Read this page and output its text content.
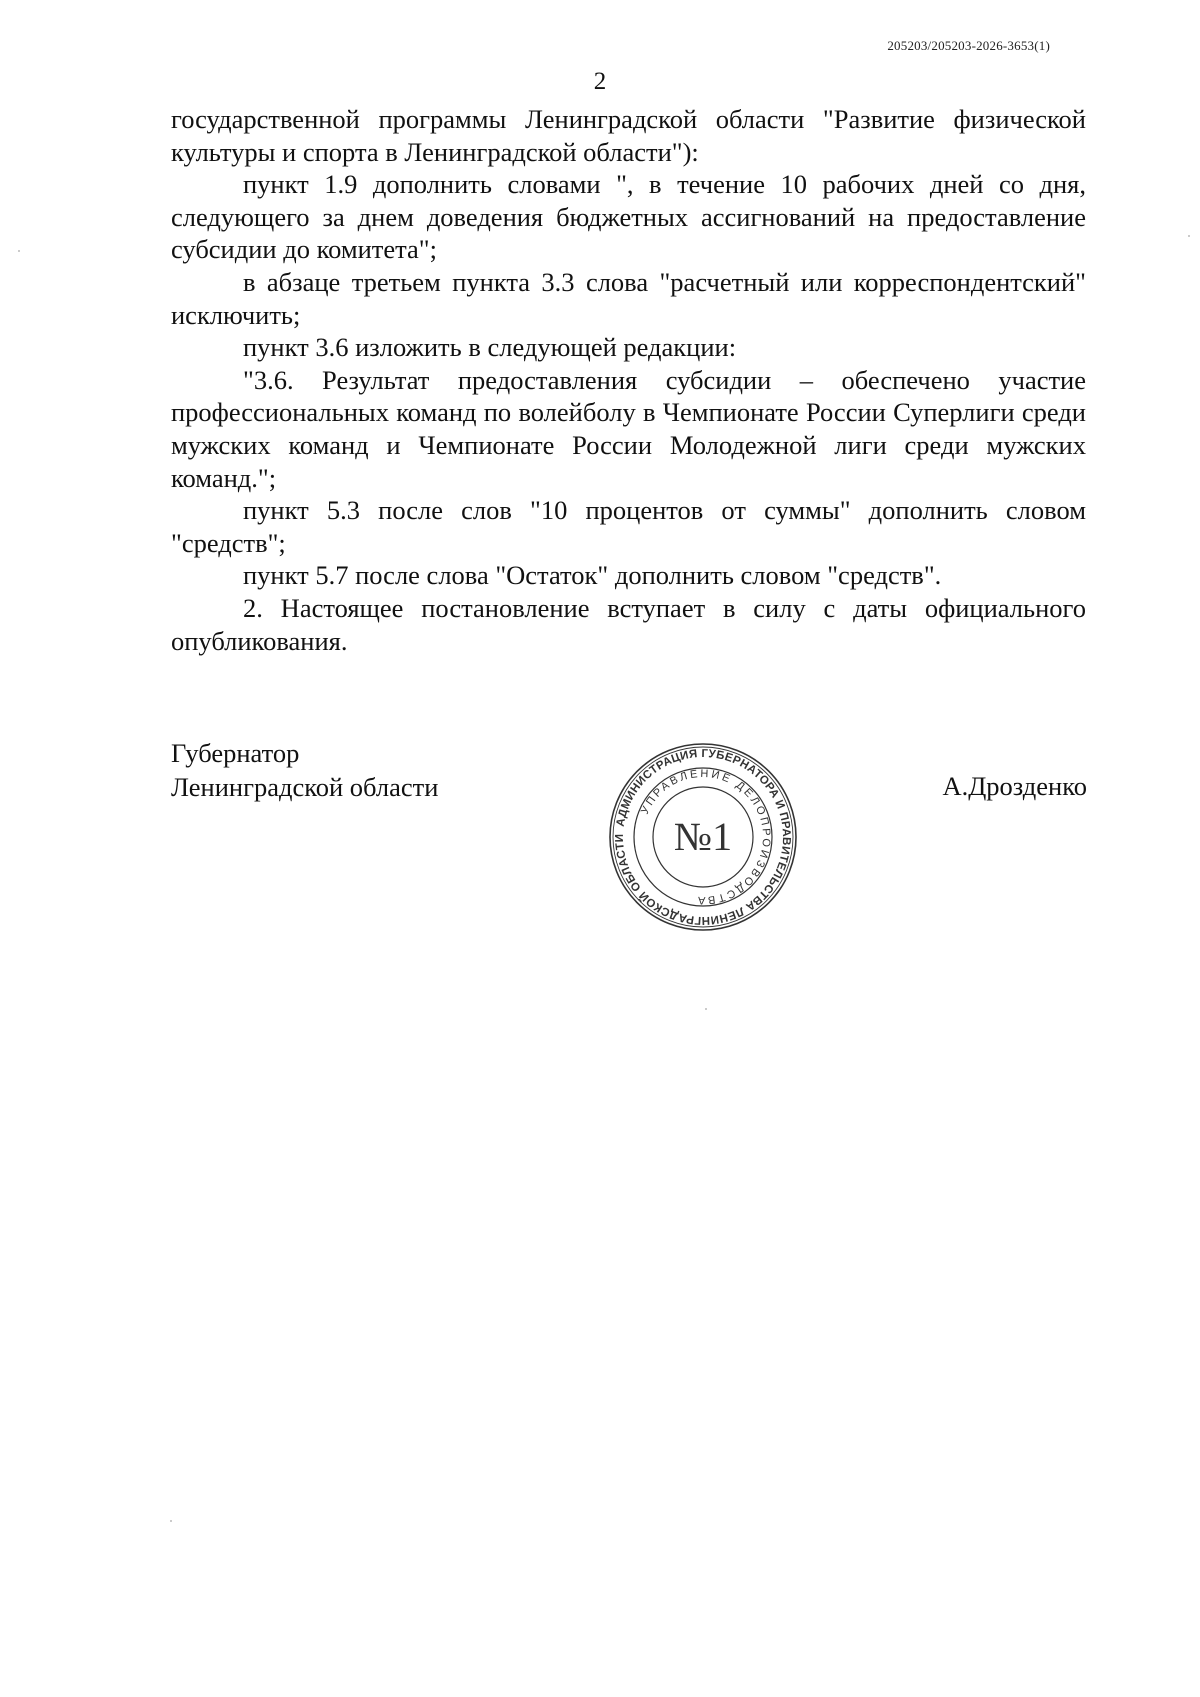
205203/205203-2026-3653(1)
2

государственной программы Ленинградской области "Развитие физической культуры и спорта в Ленинградской области"):

пункт 1.9 дополнить словами ", в течение 10 рабочих дней со дня, следующего за днем доведения бюджетных ассигнований на предоставление субсидии до комитета";

в абзаце третьем пункта 3.3 слова "расчетный или корреспондентский" исключить;

пункт 3.6 изложить в следующей редакции:

"3.6. Результат предоставления субсидии – обеспечено участие профессиональных команд по волейболу в Чемпионате России Суперлиги среди мужских команд и Чемпионате России Молодежной лиги среди мужских команд.";

пункт 5.3 после слов "10 процентов от суммы" дополнить словом "средств";

пункт 5.7 после слова "Остаток" дополнить словом "средств".

2. Настоящее постановление вступает в силу с даты официального опубликования.

Губернатор
Ленинградской области	А.Дрозденко
АДМИНИСТРАЦИЯ ГУБЕРНАТОРА И ПРАВИТЕЛЬСТВА ЛЕНИНГРАДСКОЙ ОБЛАСТИ
УПРАВЛЕНИЕ ДЕЛОПРОИЗВОДСТВА
№1
